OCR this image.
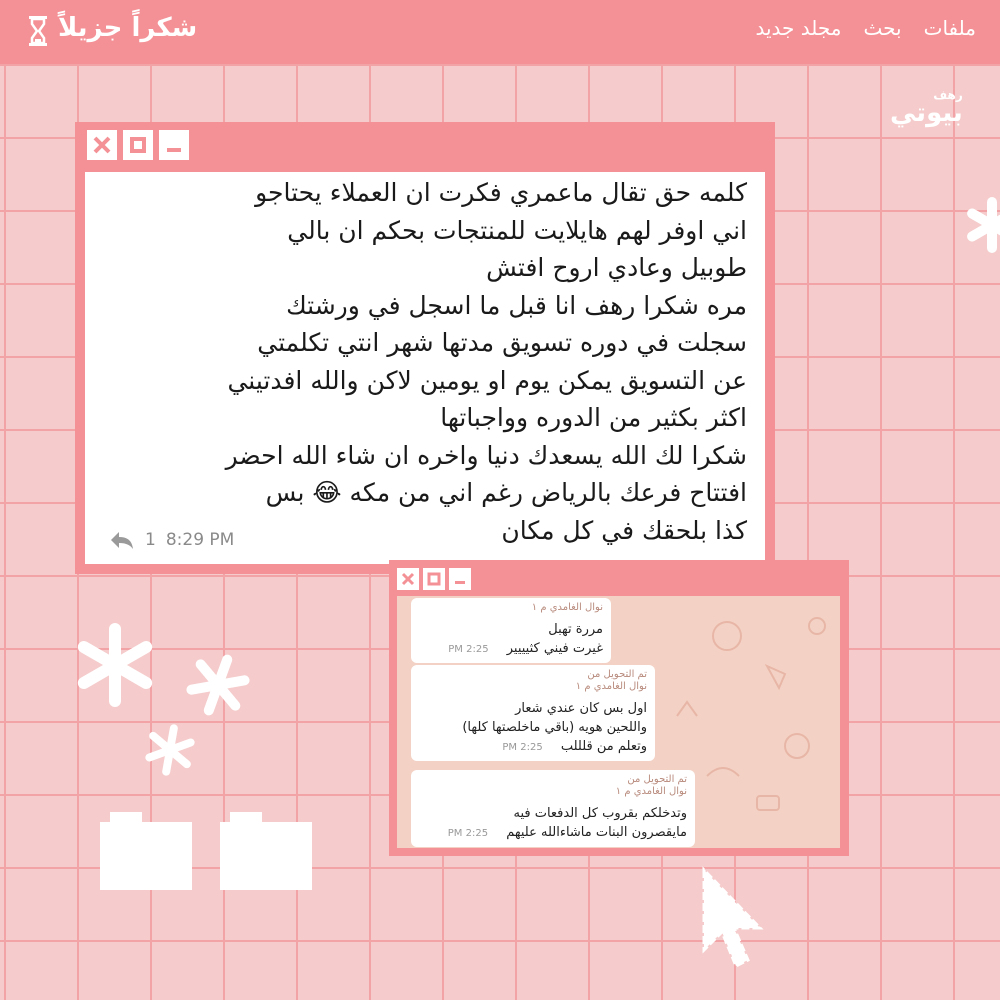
شكراً جزيلاً	ملفات
بحث
مجلد جديد
رهف
بيوتي
كلمه حق تقال ماعمري فكرت ان العملاء يحتاجو
اني اوفر لهم هايلايت للمنتجات بحكم ان بالي
طوبيل وعادي اروح افتش
مره شكرا رهف انا قبل ما اسجل في ورشتك
سجلت في دوره تسويق مدتها شهر انتي تكلمتي
عن التسويق يمكن يوم او يومين لاكن والله افدتيني
اكثر بكثير من الدوره وواجباتها
شكرا لك الله يسعدك دنيا واخره ان شاء الله احضر
افتتاح فرعك بالرياض رغم اني من مكه 😂 بس
كذا بلحقك في كل مكان
1 8:29 PM
نوال الغامدي م ١
مررة تهبل
غيرت فيني كثيييير 2:25 PM
تم التحويل من
نوال الغامدي م ١
اول بس كان عندي شعار
واللحين هويه (باقي ماخلصتها كلها)
وتعلم من قلللب 2:25 PM
تم التحويل من
نوال الغامدي م ١
وتدخلكم بقروب كل الدفعات فيه
مايقصرون البنات ماشاءالله عليهم 2:25 PM
